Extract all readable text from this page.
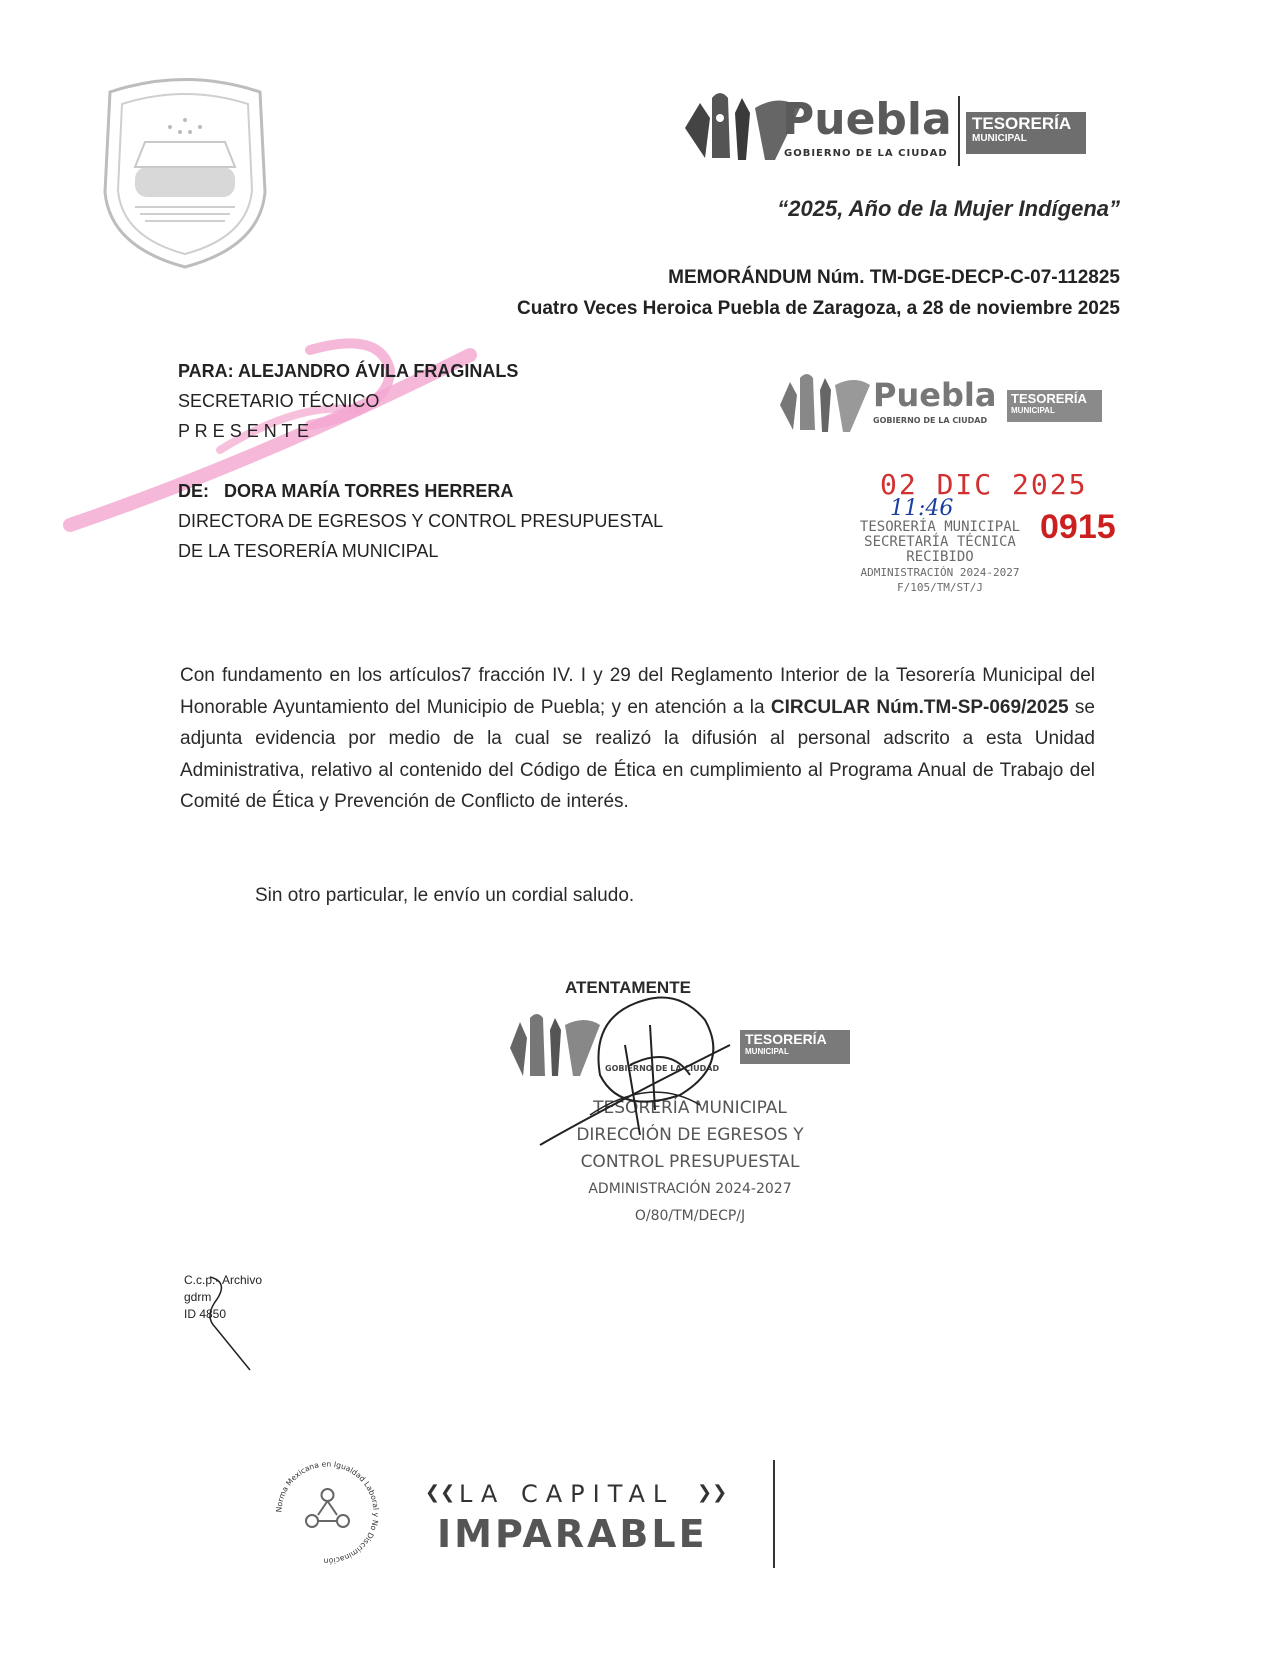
Puebla
GOBIERNO DE LA CIUDAD
TESORERÍA
MUNICIPAL
“2025, Año de la Mujer Indígena”
MEMORÁNDUM Núm. TM-DGE-DECP-C-07-112825
Cuatro Veces Heroica Puebla de Zaragoza, a 28 de noviembre 2025
PARA: ALEJANDRO ÁVILA FRAGINALS
SECRETARIO TÉCNICO
P R E S E N T E
DE: DORA MARÍA TORRES HERRERA
DIRECTORA DE EGRESOS Y CONTROL PRESUPUESTAL
DE LA TESORERÍA MUNICIPAL
Puebla
GOBIERNO DE LA CIUDAD
TESORERÍA
MUNICIPAL
02 DIC 2025
11:46
TESORERÍA MUNICIPAL
SECRETARÍA TÉCNICA
RECIBIDO
ADMINISTRACIÓN 2024-2027
F/105/TM/ST/J
0915
Con fundamento en los artículos7 fracción IV. I y 29 del Reglamento Interior de la Tesorería Municipal del Honorable Ayuntamiento del Municipio de Puebla; y en atención a la CIRCULAR Núm.TM-SP-069/2025 se adjunta evidencia por medio de la cual se realizó la difusión al personal adscrito a esta Unidad Administrativa, relativo al contenido del Código de Ética en cumplimiento al Programa Anual de Trabajo del Comité de Ética y Prevención de Conflicto de interés.
Sin otro particular, le envío un cordial saludo.
ATENTAMENTE
GOBIERNO DE LA CIUDAD
TESORERÍA
MUNICIPAL
TESORERÍA MUNICIPAL
DIRECCIÓN DE EGRESOS Y
CONTROL PRESUPUESTAL
ADMINISTRACIÓN 2024-2027
O/80/TM/DECP/J
C.c.p.- Archivo
gdrm
ID 4850
Norma Mexicana en Igualdad Laboral y No Discriminación
❮❮ LA CAPITAL ❯❯
IMPARABLE
